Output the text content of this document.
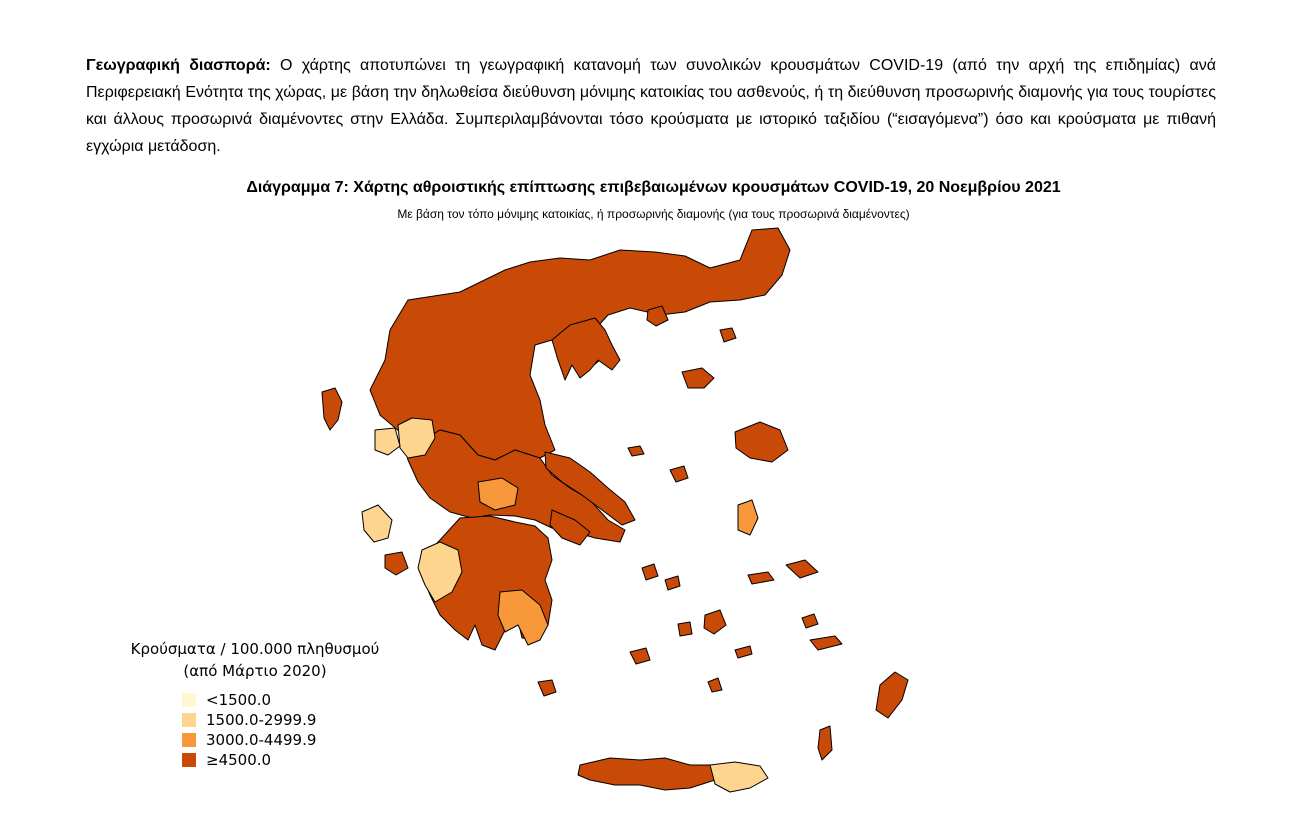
Γεωγραφική διασπορά: Ο χάρτης αποτυπώνει τη γεωγραφική κατανομή των συνολικών κρουσμάτων COVID-19 (από την αρχή της επιδημίας) ανά Περιφερειακή Ενότητα της χώρας, με βάση την δηλωθείσα διεύθυνση μόνιμης κατοικίας του ασθενούς, ή τη διεύθυνση προσωρινής διαμονής για τους τουρίστες και άλλους προσωρινά διαμένοντες στην Ελλάδα. Συμπεριλαμβάνονται τόσο κρούσματα με ιστορικό ταξιδίου (“εισαγόμενα”) όσο και κρούσματα με πιθανή εγχώρια μετάδοση.
Διάγραμμα 7: Χάρτης αθροιστικής επίπτωσης επιβεβαιωμένων κρουσμάτων COVID-19, 20 Νοεμβρίου 2021
Με βάση τον τόπο μόνιμης κατοικίας, ή προσωρινής διαμονής (για τους προσωρινά διαμένοντες)
Κρούσματα / 100.000 πληθυσμού
(από Μάρτιο 2020)
<1500.0
1500.0-2999.9
3000.0-4499.9
≥4500.0
